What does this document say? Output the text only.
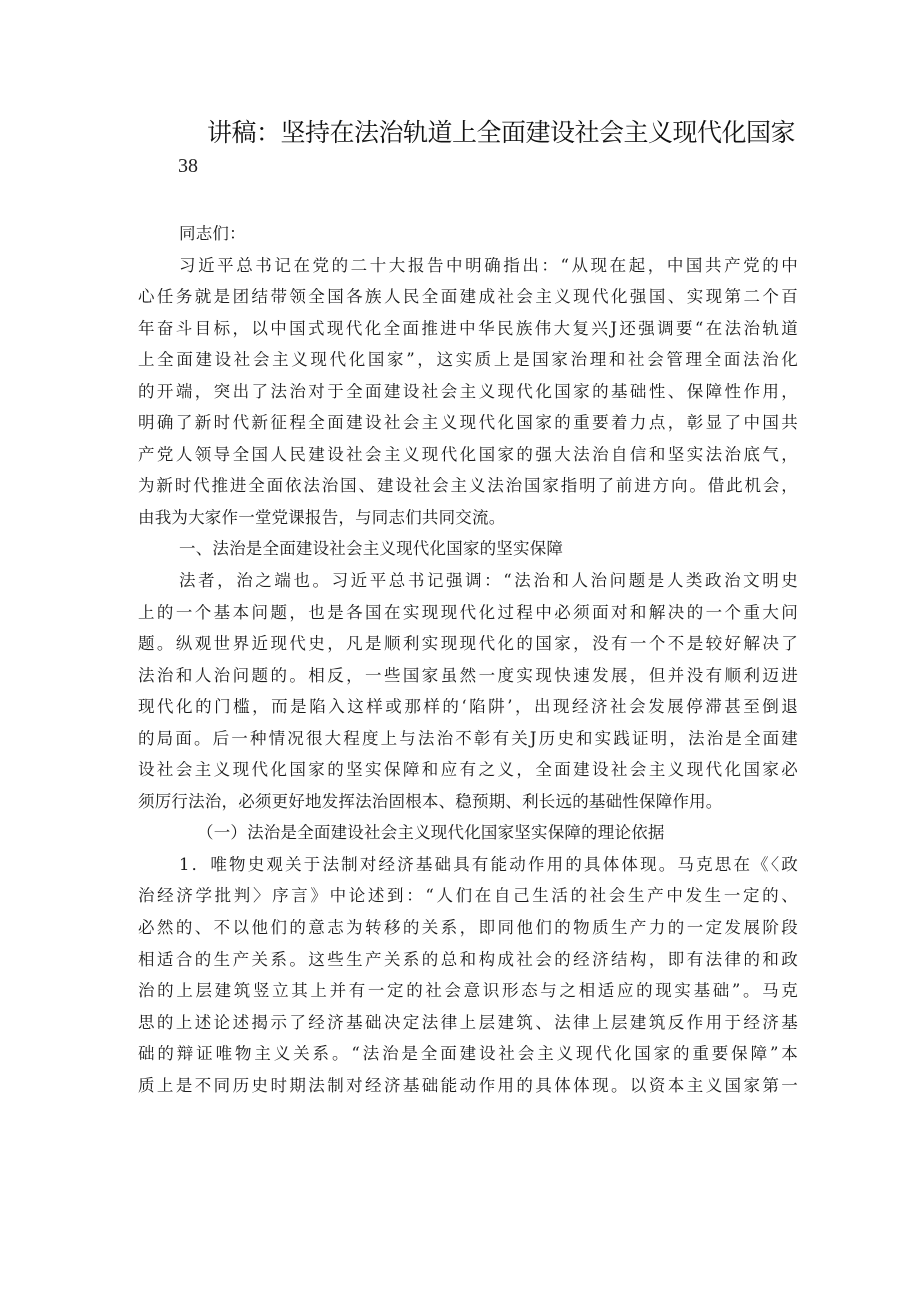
讲稿：坚持在法治轨道上全面建设社会主义现代化国家
38
同志们：
习近平总书记在党的二十大报告中明确指出：“从现在起，中国共产党的中
心任务就是团结带领全国各族人民全面建成社会主义现代化强国、实现第二个百
年奋斗目标，以中国式现代化全面推进中华民族伟大复兴J还强调要“在法治轨道
上全面建设社会主义现代化国家”，这实质上是国家治理和社会管理全面法治化
的开端，突出了法治对于全面建设社会主义现代化国家的基础性、保障性作用，
明确了新时代新征程全面建设社会主义现代化国家的重要着力点，彰显了中国共
产党人领导全国人民建设社会主义现代化国家的强大法治自信和坚实法治底气，
为新时代推进全面依法治国、建设社会主义法治国家指明了前进方向。借此机会，
由我为大家作一堂党课报告，与同志们共同交流。
一、法治是全面建设社会主义现代化国家的坚实保障
法者，治之端也。习近平总书记强调：“法治和人治问题是人类政治文明史
上的一个基本问题，也是各国在实现现代化过程中必须面对和解决的一个重大问
题。纵观世界近现代史，凡是顺利实现现代化的国家，没有一个不是较好解决了
法治和人治问题的。相反，一些国家虽然一度实现快速发展，但并没有顺利迈进
现代化的门槛，而是陷入这样或那样的‘陷阱’，出现经济社会发展停滞甚至倒退
的局面。后一种情况很大程度上与法治不彰有关J历史和实践证明，法治是全面建
设社会主义现代化国家的坚实保障和应有之义，全面建设社会主义现代化国家必
须厉行法治，必须更好地发挥法治固根本、稳预期、利长远的基础性保障作用。
（一）法治是全面建设社会主义现代化国家坚实保障的理论依据
1．唯物史观关于法制对经济基础具有能动作用的具体体现。马克思在《〈政
治经济学批判〉序言》中论述到：“人们在自己生活的社会生产中发生一定的、
必然的、不以他们的意志为转移的关系，即同他们的物质生产力的一定发展阶段
相适合的生产关系。这些生产关系的总和构成社会的经济结构，即有法律的和政
治的上层建筑竖立其上并有一定的社会意识形态与之相适应的现实基础”。马克
思的上述论述揭示了经济基础决定法律上层建筑、法律上层建筑反作用于经济基
础的辩证唯物主义关系。“法治是全面建设社会主义现代化国家的重要保障”本
质上是不同历史时期法制对经济基础能动作用的具体体现。以资本主义国家第一
